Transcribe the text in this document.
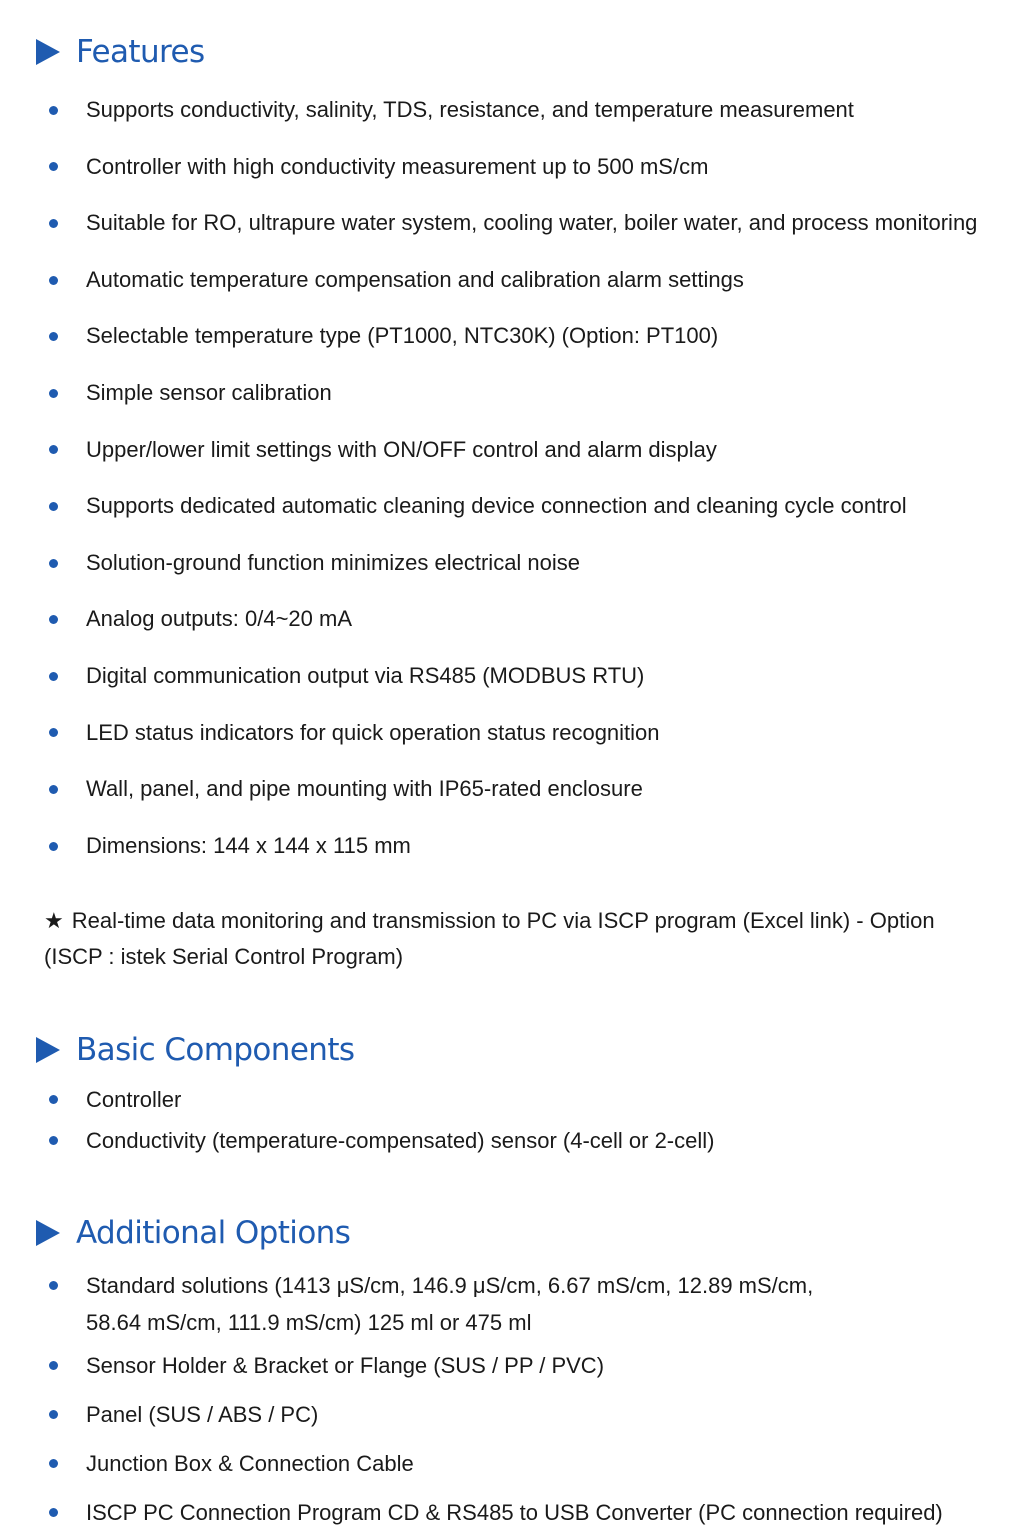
Features
Supports conductivity, salinity, TDS, resistance, and temperature measurement
Controller with high conductivity measurement up to 500 mS/cm
Suitable for RO, ultrapure water system, cooling water, boiler water, and process monitoring
Automatic temperature compensation and calibration alarm settings
Selectable temperature type (PT1000, NTC30K) (Option: PT100)
Simple sensor calibration
Upper/lower limit settings with ON/OFF control and alarm display
Supports dedicated automatic cleaning device connection and cleaning cycle control
Solution-ground function minimizes electrical noise
Analog outputs: 0/4~20 mA
Digital communication output via RS485 (MODBUS RTU)
LED status indicators for quick operation status recognition
Wall, panel, and pipe mounting with IP65-rated enclosure
Dimensions: 144 x 144 x 115 mm
★ Real-time data monitoring and transmission to PC via ISCP program (Excel link) - Option
(ISCP : istek Serial Control Program)
Basic Components
Controller
Conductivity (temperature-compensated) sensor (4-cell or 2-cell)
Additional Options
Standard solutions (1413 μS/cm, 146.9 μS/cm, 6.67 mS/cm, 12.89 mS/cm,
58.64 mS/cm, 111.9 mS/cm) 125 ml or 475 ml
Sensor Holder & Bracket or Flange (SUS / PP / PVC)
Panel (SUS / ABS / PC)
Junction Box & Connection Cable
ISCP PC Connection Program CD & RS485 to USB Converter (PC connection required)
